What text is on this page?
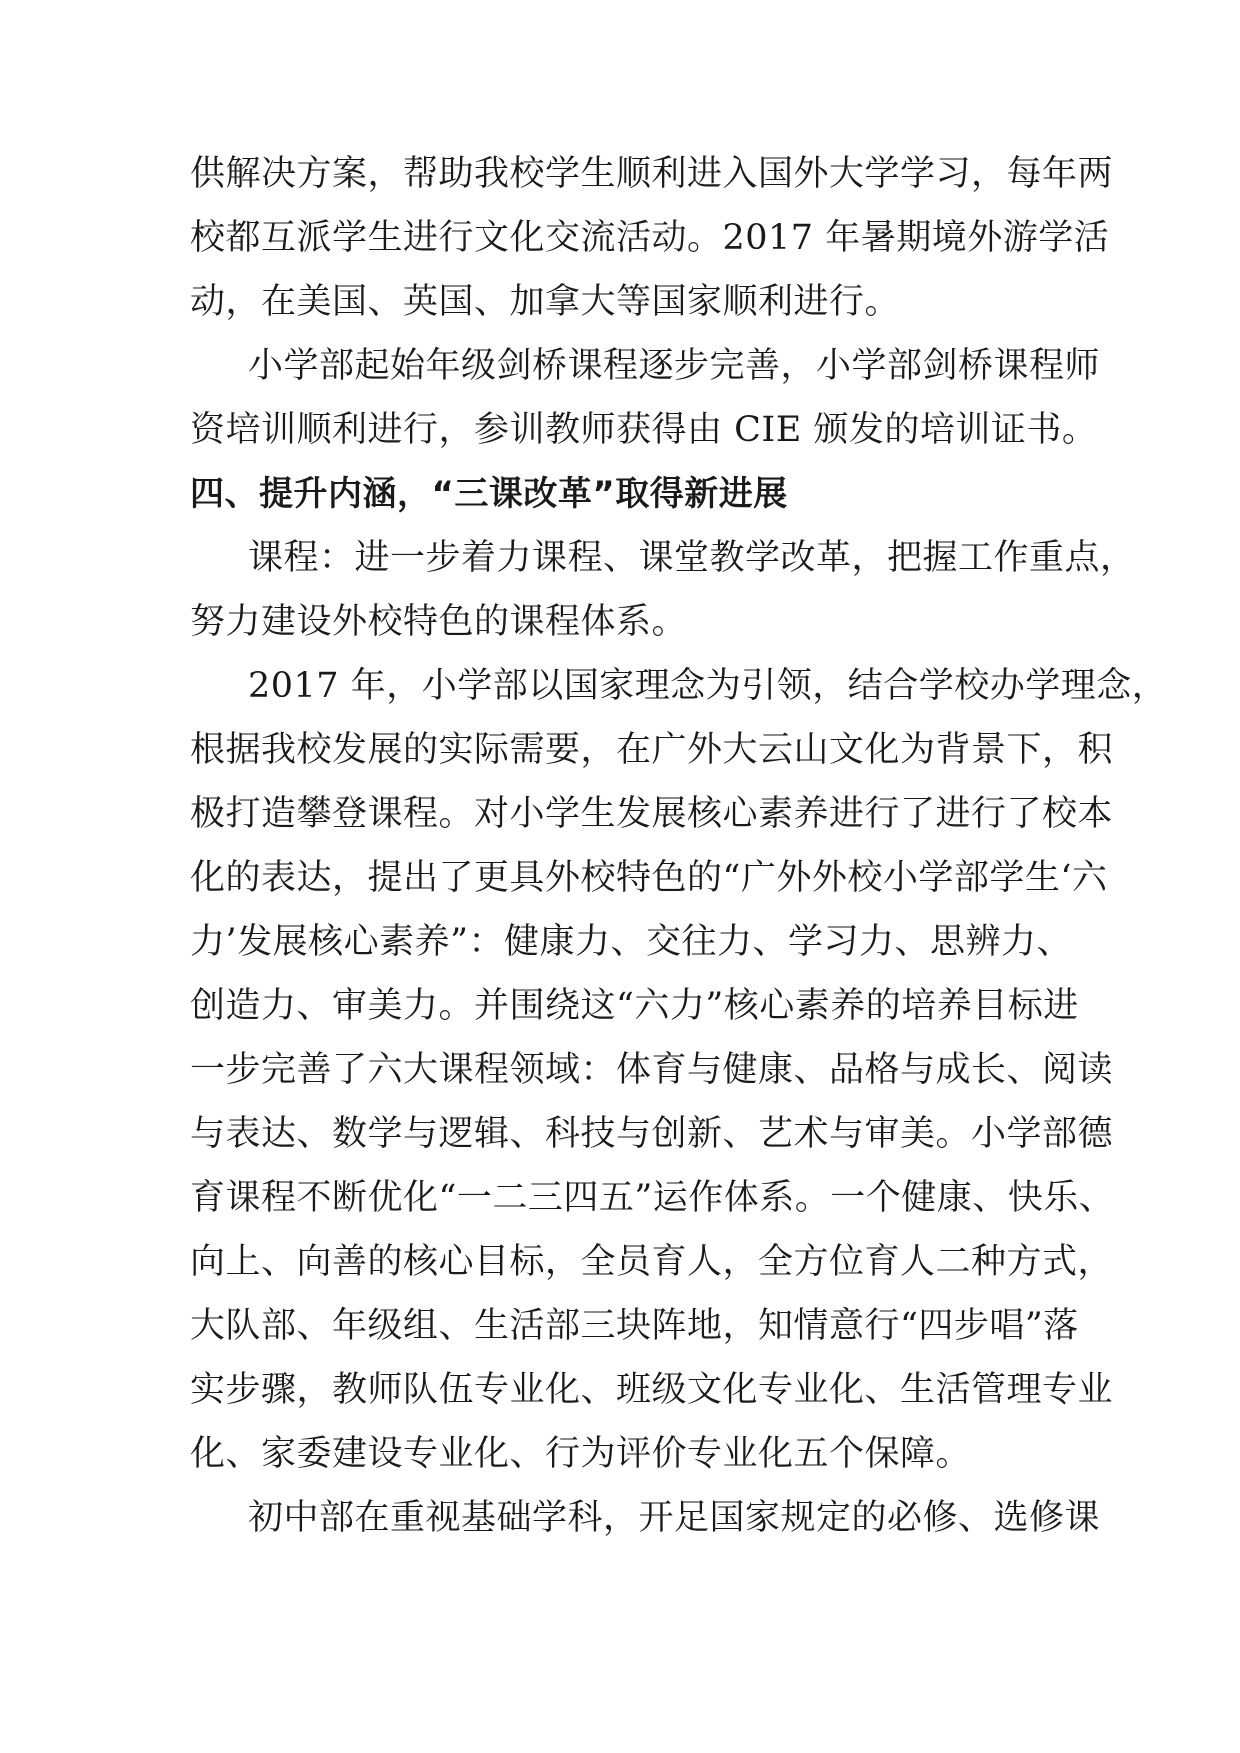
供解决方案，帮助我校学生顺利进入国外大学学习，每年两
校都互派学生进行文化交流活动。2017 年暑期境外游学活
动，在美国、英国、加拿大等国家顺利进行。
小学部起始年级剑桥课程逐步完善，小学部剑桥课程师
资培训顺利进行，参训教师获得由 CIE 颁发的培训证书。
四、提升内涵，“三课改革”取得新进展
课程：进一步着力课程、课堂教学改革，把握工作重点，
努力建设外校特色的课程体系。
2017 年，小学部以国家理念为引领，结合学校办学理念，
根据我校发展的实际需要，在广外大云山文化为背景下，积
极打造攀登课程。对小学生发展核心素养进行了进行了校本
化的表达，提出了更具外校特色的“广外外校小学部学生‘六
力’发展核心素养”：健康力、交往力、学习力、思辨力、
创造力、审美力。并围绕这“六力”核心素养的培养目标进
一步完善了六大课程领域：体育与健康、品格与成长、阅读
与表达、数学与逻辑、科技与创新、艺术与审美。小学部德
育课程不断优化“一二三四五”运作体系。一个健康、快乐、
向上、向善的核心目标，全员育人，全方位育人二种方式，
大队部、年级组、生活部三块阵地，知情意行“四步唱”落
实步骤，教师队伍专业化、班级文化专业化、生活管理专业
化、家委建设专业化、行为评价专业化五个保障。
初中部在重视基础学科，开足国家规定的必修、选修课
